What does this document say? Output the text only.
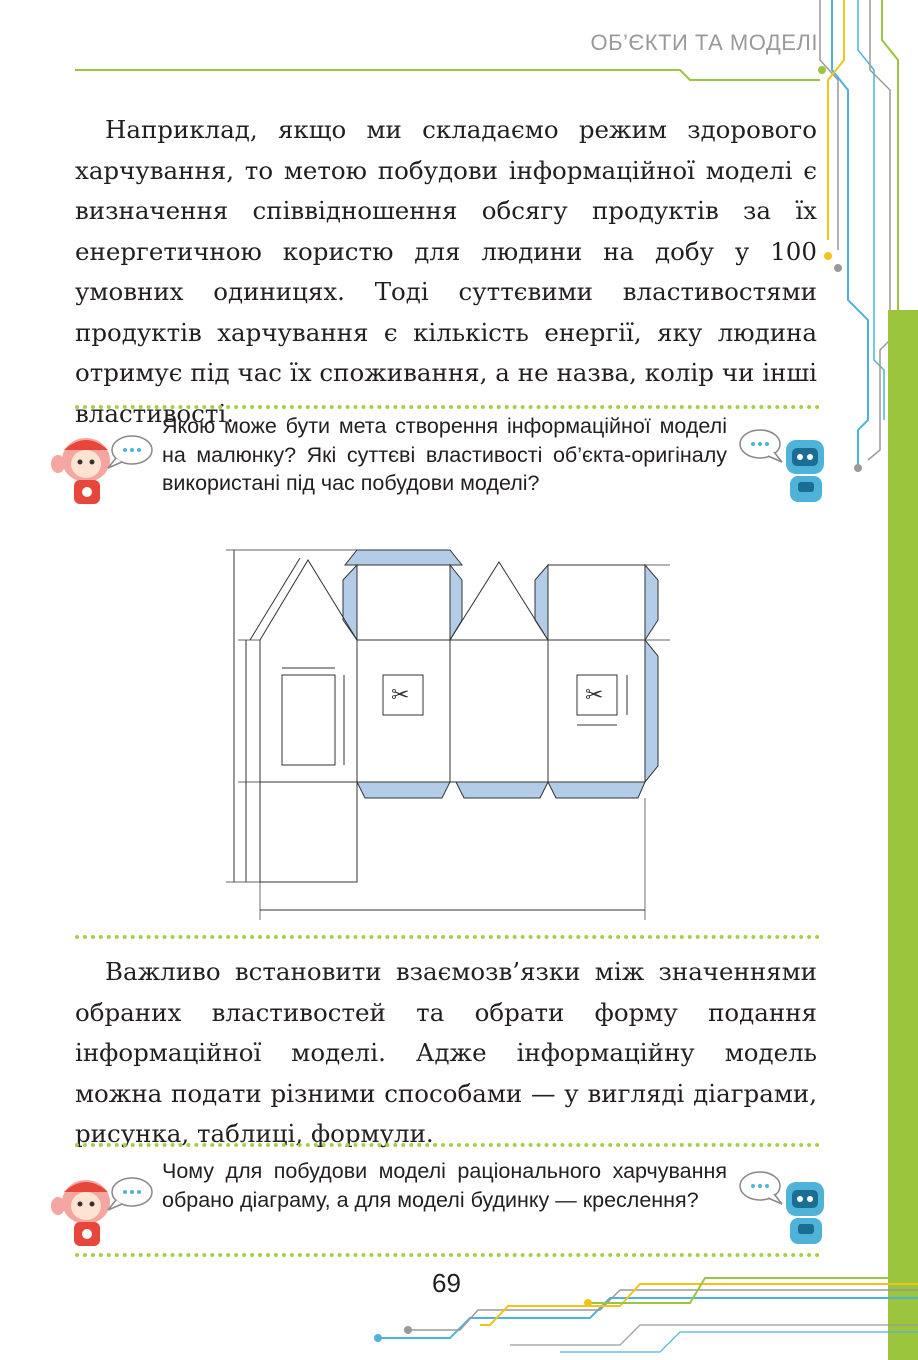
ОБ’ЄКТИ ТА МОДЕЛІ

Наприклад, якщо ми складаємо режим здорового харчування, то метою побудови інформаційної моделі є визначення співвідношення обсягу продуктів за їх енергетичною користю для людини на добу у 100 умовних одиницях. Тоді суттєвими властивостями продуктів харчування є кількість енергії, яку людина отримує під час їх споживання, а не назва, колір чи інші властивості.

Якою може бути мета створення інформаційної моделі на малюнку? Які суттєві властивості об’єкта-оригіналу використані під час побудови моделі?

✂	✂

Важливо встановити взаємозв’язки між значеннями обраних властивостей та обрати форму подання інформаційної моделі. Адже інформаційну модель можна подати різними способами — у вигляді діаграми, рисунка, таблиці, формули.

Чому для побудови моделі раціонального харчування обрано діаграму, а для моделі будинку — креслення?

69
